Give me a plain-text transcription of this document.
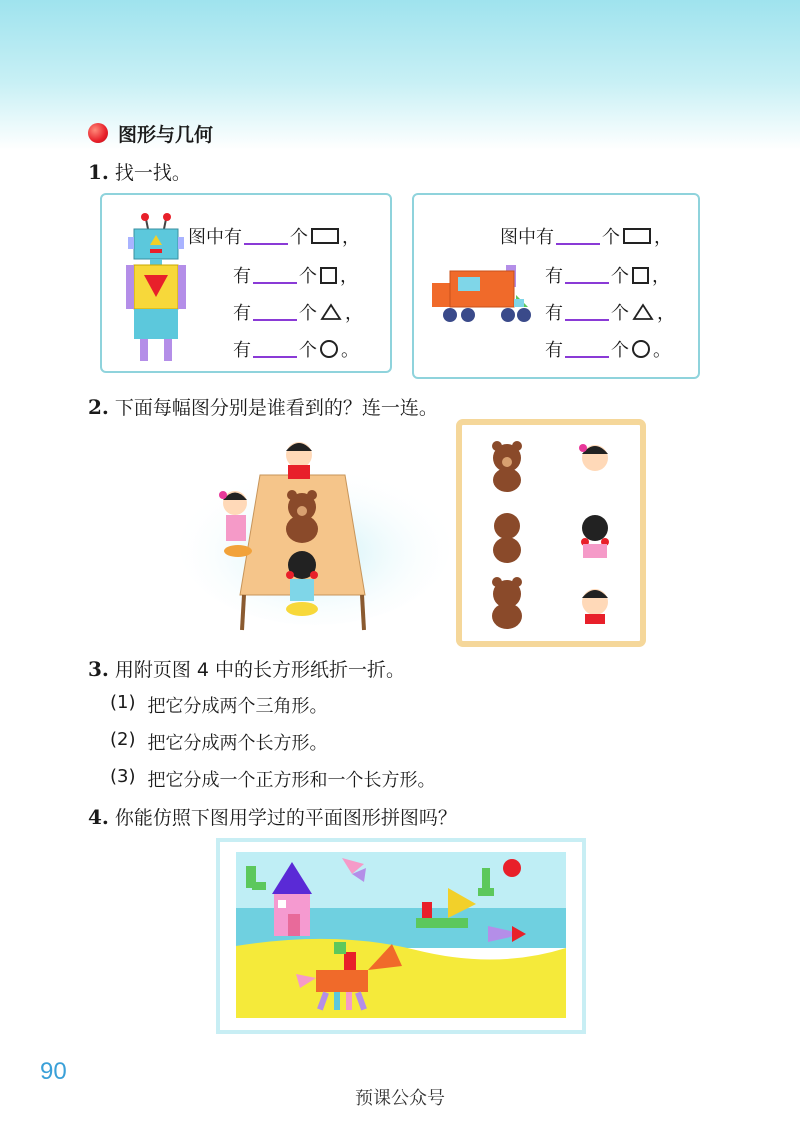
图形与几何
1. 找一找。
图中有	个 ，
有	个 ，
有	个 ，
有	个 。
图中有	个 ，
有	个 ，
有	个 ，
有	个 。
2. 下面每幅图分别是谁看到的？连一连。
3. 用附页图 4 中的长方形纸折一折。
(1) 把它分成两个三角形。
(2) 把它分成两个长方形。
(3) 把它分成一个正方形和一个长方形。
4. 你能仿照下图用学过的平面图形拼图吗？
90
预课公众号
